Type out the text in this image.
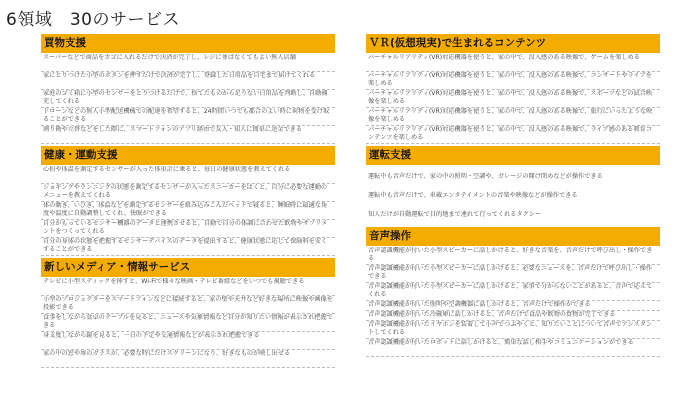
6領域　30のサービス
買物支援
スーパーなどで商品をカゴに入れるだけで決済が完了し、レジに並ばなくてもよい無人店舗
家にとりつけた小型のボタンを押すだけで決済が完了し、登録した日用品を自宅まで届けてくれる
家庭のゴミ箱に小型のセンサーをとりつけるだけで、捨てたものから足りない日用品を判断し、自動補充してくれる
ドローンなどの無人小型配送機械での配達を希望すると、24時間いつでも都合のよい時に荷物を受け取ることができる
割り勘や立替などをした際に、スマートフォンのアプリ経由で友人・知人に簡単に送金できる
健康・運動支援
心拍や体温を測定するセンサーが入った体重計に乗ると、毎日の健康状態を教えてくれる
ジョギングやランニングの状態を測定するセンサーが入ったスニーカーをはくと、自分に必要な運動のメニューを教えてくれる
体の動き、いびき、体温などを測定するセンサーを組み込みこんだベッドで寝ると、睡眠時に最適な角度や温度に自動調整してくれ、快眠ができる
自分がもっているセンサー機器のデータと連携させると、自動で自分の体調に合わせた飲物やサプリメントをつくってくれる
自分の身体の状態を把握するセンサーデバイスのデータを提出すると、健康状態に応じて保険料を安くすることができる
新しいメディア・情報サービス
テレビに小型スティックを挿すと、Wi-Fiで様々な映画・テレビ番組などをいつでも視聴できる
小型のプロジェクターをスマートフォンなどに接続すると、家の壁や天井など好きな場所に映像や画像を投影できる
食事をしながら食卓のテーブルを見ると、ニュースや気象情報など自分が知りたい情報が表示され把握できる
身支度しながら鏡を見ると、一日の予定や交通情報などが表示され把握できる
家の中の窓や扉のガラスが、必要な時にだけスクリーンになり、好きなものが映し出せる
ＶＲ(仮想現実)で生まれるコンテンツ
バーチャルリアリティ(VR)対応機器を使うと、家の中で、没入感のある映像で、ゲームを楽しめる
バーチャルリアリティ(VR)対応機器を使うと、家の中で、没入感のある映像で、コンサートやライブを楽しめる
バーチャルリアリティ(VR)対応機器を使うと、家の中で、没入感のある映像で、スポーツなどの試合映像を楽しめる
バーチャルリアリティ(VR)対応機器を使うと、家の中で、没入感のある映像で、旅行にいったような映像を楽しめる
バーチャルリアリティ(VR)対応機器を使うと、家の中で、没入感のある映像で、ライブ感のある教育コンテンツを楽しめる
運転支援
運転中も音声だけで、家の中の照明・空調や、ガレージの開け閉めなどが操作できる
運転中も音声だけで、車載エンタテイメントの音楽や映像などが操作できる
知人だけが自動運転で目的地まで連れて行ってくれるタクシー
音声操作
音声認識機能が付いた小型スピーカーに話しかけると、好きな音楽を、音声だけで呼び出し・操作できる
音声認識機能が付いた小型スピーカーに話しかけると、必要なニュースを、音声だけで呼び出し・操作できる
音声認識機能が付いた小型スピーカーに話しかけると、家事で分からないことがあると、音声で応えてくれる
音声認識機能が付いた照明や空調機器に話しかけると、音声だけで操作ができる
音声認識機能が付いた冷蔵庫に話しかけると、音声だけで食品や飲物の買物が完了できる
音声認識機能が付いたイヤホンを装着して小声でつぶやくと、知りたいことについて音声でアシスタントしてくれる
音声認識機能が付いたロボットに話しかけると、簡単な話し相手やコミュニケーションができる
